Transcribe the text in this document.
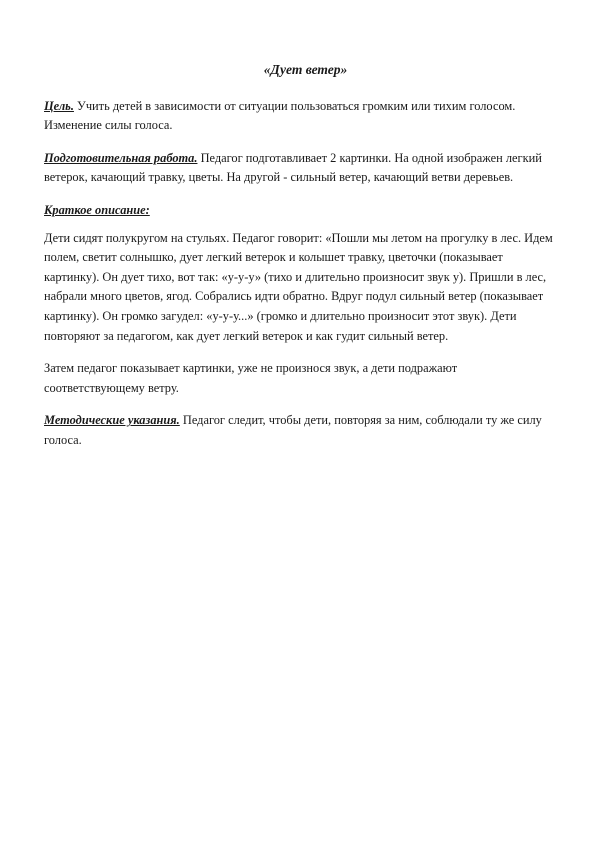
«Дует ветер»

Цель. Учить детей в зависимости от ситуации пользоваться громким или тихим голосом. Изменение силы голоса.

Подготовительная работа. Педагог подготавливает 2 картинки. На одной изображен легкий ветерок, качающий травку, цветы. На другой - сильный ветер, качающий ветви деревьев.

Краткое описание:

Дети сидят полукругом на стульях. Педагог говорит: «Пошли мы летом на прогулку в лес. Идем полем, светит солнышко, дует легкий ветерок и колышет травку, цветочки (показывает картинку). Он дует тихо, вот так: «у-у-у» (тихо и длительно произносит звук у). Пришли в лес, набрали много цветов, ягод. Собрались идти обратно. Вдруг подул сильный ветер (показывает картинку). Он громко загудел: «у-у-у...» (громко и длительно произносит этот звук). Дети повторяют за педагогом, как дует легкий ветерок и как гудит сильный ветер.

Затем педагог показывает картинки, уже не произнося звук, а дети подражают соответствующему ветру.

Методические указания. Педагог следит, чтобы дети, повторяя за ним, соблюдали ту же силу голоса.
